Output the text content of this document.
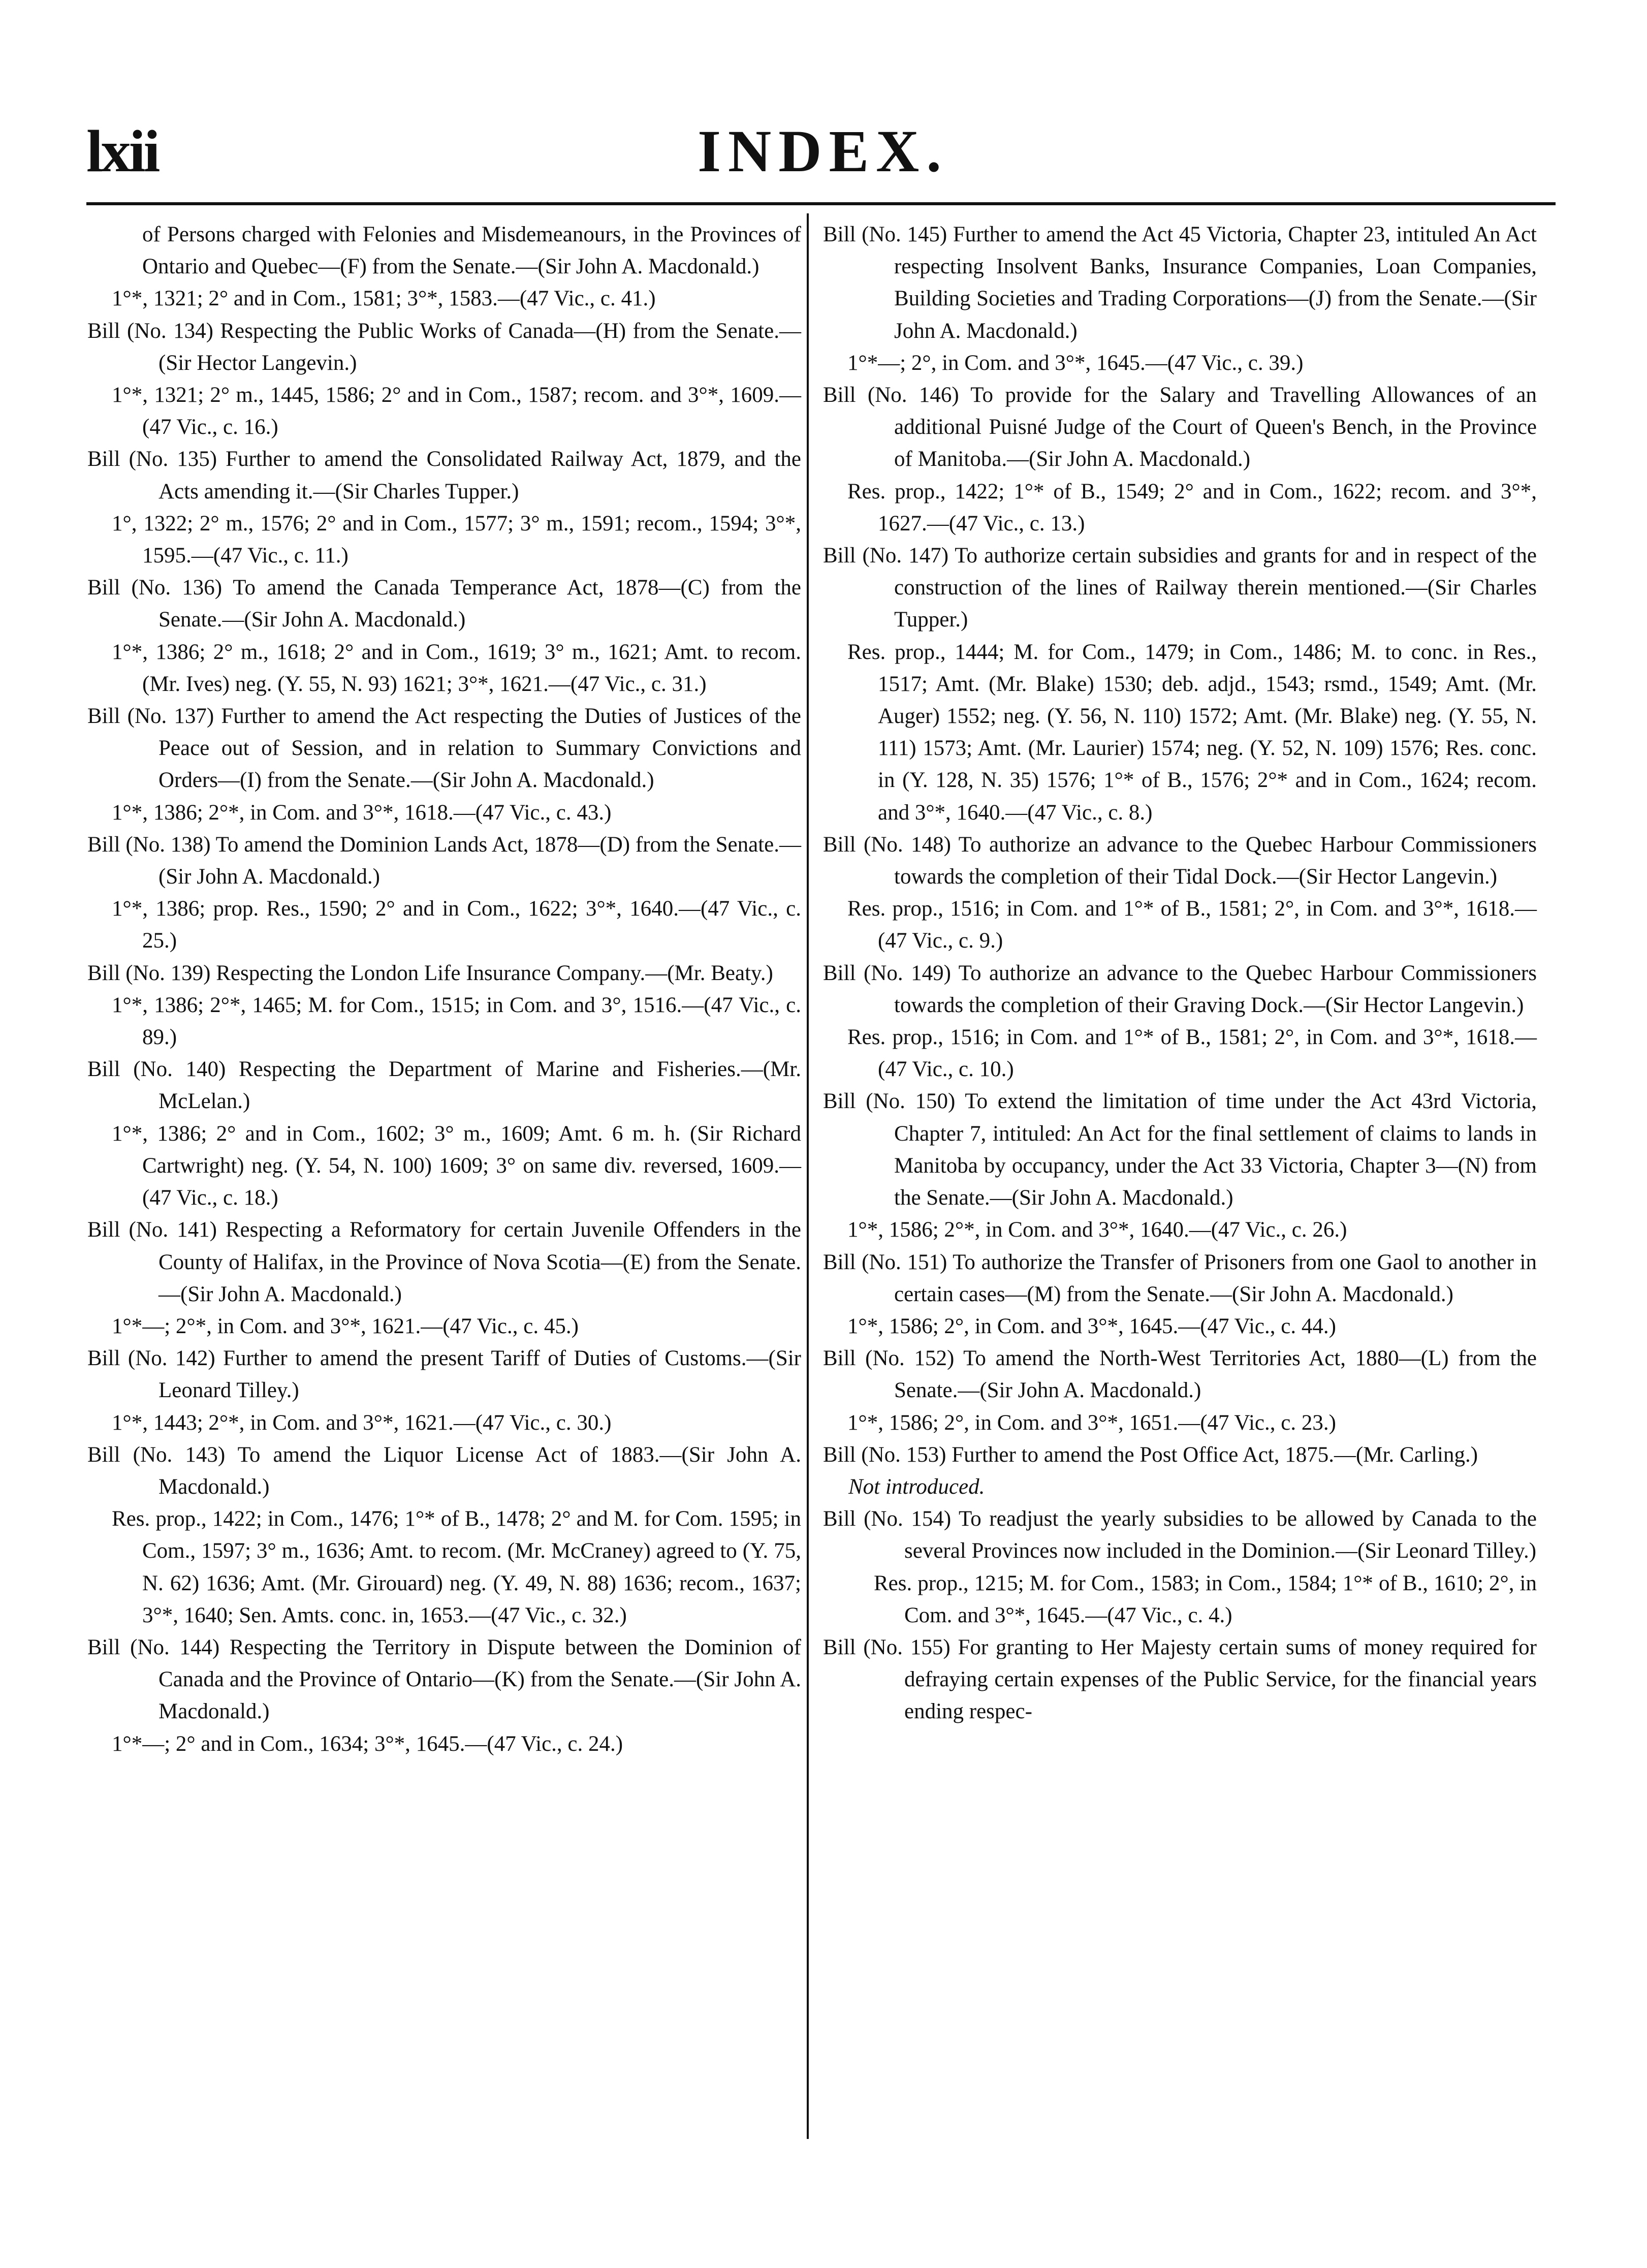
lxii	INDEX.

of Persons charged with Felonies and Misdemeanours, in the Provinces of Ontario and Quebec—(F) from the Senate.—(Sir John A. Macdonald.)

1°*, 1321; 2° and in Com., 1581; 3°*, 1583.—(47 Vic., c. 41.)

Bill (No. 134) Respecting the Public Works of Canada—(H) from the Senate.—(Sir Hector Langevin.)

1°*, 1321; 2° m., 1445, 1586; 2° and in Com., 1587; recom. and 3°*, 1609.—(47 Vic., c. 16.)

Bill (No. 135) Further to amend the Consolidated Railway Act, 1879, and the Acts amending it.—(Sir Charles Tupper.)

1°, 1322; 2° m., 1576; 2° and in Com., 1577; 3° m., 1591; recom., 1594; 3°*, 1595.—(47 Vic., c. 11.)

Bill (No. 136) To amend the Canada Temperance Act, 1878—(C) from the Senate.—(Sir John A. Macdonald.)

1°*, 1386; 2° m., 1618; 2° and in Com., 1619; 3° m., 1621; Amt. to recom. (Mr. Ives) neg. (Y. 55, N. 93) 1621; 3°*, 1621.—(47 Vic., c. 31.)

Bill (No. 137) Further to amend the Act respecting the Duties of Justices of the Peace out of Session, and in relation to Summary Convictions and Orders—(I) from the Senate.—(Sir John A. Macdonald.)

1°*, 1386; 2°*, in Com. and 3°*, 1618.—(47 Vic., c. 43.)

Bill (No. 138) To amend the Dominion Lands Act, 1878—(D) from the Senate.—(Sir John A. Macdonald.)

1°*, 1386; prop. Res., 1590; 2° and in Com., 1622; 3°*, 1640.—(47 Vic., c. 25.)

Bill (No. 139) Respecting the London Life Insurance Company.—(Mr. Beaty.)

1°*, 1386; 2°*, 1465; M. for Com., 1515; in Com. and 3°, 1516.—(47 Vic., c. 89.)

Bill (No. 140) Respecting the Department of Marine and Fisheries.—(Mr. McLelan.)

1°*, 1386; 2° and in Com., 1602; 3° m., 1609; Amt. 6 m. h. (Sir Richard Cartwright) neg. (Y. 54, N. 100) 1609; 3° on same div. reversed, 1609.—(47 Vic., c. 18.)

Bill (No. 141) Respecting a Reformatory for certain Juvenile Offenders in the County of Halifax, in the Province of Nova Scotia—(E) from the Senate.—(Sir John A. Macdonald.)

1°*—; 2°*, in Com. and 3°*, 1621.—(47 Vic., c. 45.)

Bill (No. 142) Further to amend the present Tariff of Duties of Customs.—(Sir Leonard Tilley.)

1°*, 1443; 2°*, in Com. and 3°*, 1621.—(47 Vic., c. 30.)

Bill (No. 143) To amend the Liquor License Act of 1883.—(Sir John A. Macdonald.)

Res. prop., 1422; in Com., 1476; 1°* of B., 1478; 2° and M. for Com. 1595; in Com., 1597; 3° m., 1636; Amt. to recom. (Mr. McCraney) agreed to (Y. 75, N. 62) 1636; Amt. (Mr. Girouard) neg. (Y. 49, N. 88) 1636; recom., 1637; 3°*, 1640; Sen. Amts. conc. in, 1653.—(47 Vic., c. 32.)

Bill (No. 144) Respecting the Territory in Dispute between the Dominion of Canada and the Province of Ontario—(K) from the Senate.—(Sir John A. Macdonald.)

1°*—; 2° and in Com., 1634; 3°*, 1645.—(47 Vic., c. 24.)

Bill (No. 145) Further to amend the Act 45 Victoria, Chapter 23, intituled An Act respecting Insolvent Banks, Insurance Companies, Loan Companies, Building Societies and Trading Corporations—(J) from the Senate.—(Sir John A. Macdonald.)

1°*—; 2°, in Com. and 3°*, 1645.—(47 Vic., c. 39.)

Bill (No. 146) To provide for the Salary and Travelling Allowances of an additional Puisné Judge of the Court of Queen's Bench, in the Province of Manitoba.—(Sir John A. Macdonald.)

Res. prop., 1422; 1°* of B., 1549; 2° and in Com., 1622; recom. and 3°*, 1627.—(47 Vic., c. 13.)

Bill (No. 147) To authorize certain subsidies and grants for and in respect of the construction of the lines of Railway therein mentioned.—(Sir Charles Tupper.)

Res. prop., 1444; M. for Com., 1479; in Com., 1486; M. to conc. in Res., 1517; Amt. (Mr. Blake) 1530; deb. adjd., 1543; rsmd., 1549; Amt. (Mr. Auger) 1552; neg. (Y. 56, N. 110) 1572; Amt. (Mr. Blake) neg. (Y. 55, N. 111) 1573; Amt. (Mr. Laurier) 1574; neg. (Y. 52, N. 109) 1576; Res. conc. in (Y. 128, N. 35) 1576; 1°* of B., 1576; 2°* and in Com., 1624; recom. and 3°*, 1640.—(47 Vic., c. 8.)

Bill (No. 148) To authorize an advance to the Quebec Harbour Commissioners towards the completion of their Tidal Dock.—(Sir Hector Langevin.)

Res. prop., 1516; in Com. and 1°* of B., 1581; 2°, in Com. and 3°*, 1618.—(47 Vic., c. 9.)

Bill (No. 149) To authorize an advance to the Quebec Harbour Commissioners towards the completion of their Graving Dock.—(Sir Hector Langevin.)

Res. prop., 1516; in Com. and 1°* of B., 1581; 2°, in Com. and 3°*, 1618.—(47 Vic., c. 10.)

Bill (No. 150) To extend the limitation of time under the Act 43rd Victoria, Chapter 7, intituled: An Act for the final settlement of claims to lands in Manitoba by occupancy, under the Act 33 Victoria, Chapter 3—(N) from the Senate.—(Sir John A. Macdonald.)

1°*, 1586; 2°*, in Com. and 3°*, 1640.—(47 Vic., c. 26.)

Bill (No. 151) To authorize the Transfer of Prisoners from one Gaol to another in certain cases—(M) from the Senate.—(Sir John A. Macdonald.)

1°*, 1586; 2°, in Com. and 3°*, 1645.—(47 Vic., c. 44.)

Bill (No. 152) To amend the North-West Territories Act, 1880—(L) from the Senate.—(Sir John A. Macdonald.)

1°*, 1586; 2°, in Com. and 3°*, 1651.—(47 Vic., c. 23.)

Bill (No. 153) Further to amend the Post Office Act, 1875.—(Mr. Carling.)

Not introduced.

Bill (No. 154) To readjust the yearly subsidies to be allowed by Canada to the several Provinces now included in the Dominion.—(Sir Leonard Tilley.)

Res. prop., 1215; M. for Com., 1583; in Com., 1584; 1°* of B., 1610; 2°, in Com. and 3°*, 1645.—(47 Vic., c. 4.)

Bill (No. 155) For granting to Her Majesty certain sums of money required for defraying certain expenses of the Public Service, for the financial years ending respec-
